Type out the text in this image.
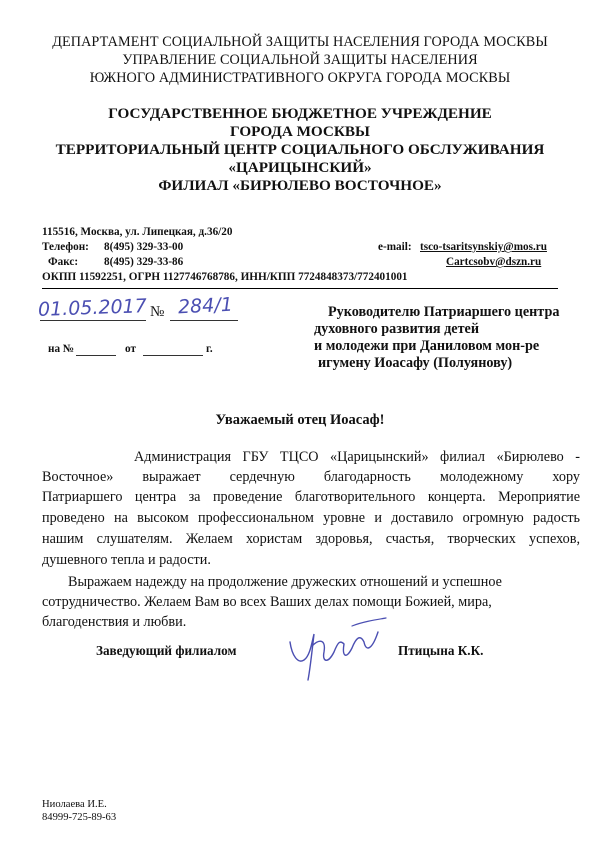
ДЕПАРТАМЕНТ СОЦИАЛЬНОЙ ЗАЩИТЫ НАСЕЛЕНИЯ ГОРОДА МОСКВЫ
УПРАВЛЕНИЕ СОЦИАЛЬНОЙ ЗАЩИТЫ НАСЕЛЕНИЯ
ЮЖНОГО АДМИНИСТРАТИВНОГО ОКРУГА ГОРОДА МОСКВЫ
ГОСУДАРСТВЕННОЕ БЮДЖЕТНОЕ УЧРЕЖДЕНИЕ
ГОРОДА МОСКВЫ
ТЕРРИТОРИАЛЬНЫЙ ЦЕНТР СОЦИАЛЬНОГО ОБСЛУЖИВАНИЯ
«ЦАРИЦЫНСКИЙ»
ФИЛИАЛ «БИРЮЛЕВО ВОСТОЧНОЕ»
115516, Москва, ул. Липецкая, д.36/20
Телефон: 8(495) 329-33-00
Факс: 8(495) 329-33-86
e-mail: tsco-tsaritsynskiy@mos.ru
Cartcsobv@dszn.ru
ОКПП 11592251, ОГРН 1127746768786, ИНН/КПП 7724848373/772401001
01.05.2017 № 284/1
на №	от	г.
Руководителю Патриаршего центра
духовного развития детей
и молодежи при Даниловом мон-ре
игумену Иоасафу (Полуянову)
Уважаемый отец Иоасаф!
Администрация ГБУ ТЦСО «Царицынский» филиал «Бирюлево -
Восточное» выражает сердечную благодарность молодежному хору
Патриаршего центра за проведение благотворительного концерта. Мероприятие
проведено на высоком профессиональном уровне и доставило огромную радость
нашим слушателям. Желаем хористам здоровья, счастья, творческих успехов,
душевного тепла и радости.
Выражаем надежду на продолжение дружеских отношений и успешное
сотрудничество. Желаем Вам во всех Ваших делах помощи Божией, мира,
благоденствия и любви.
Заведующий филиалом	Птицына К.К.
Ниолаева И.Е.
84999-725-89-63
